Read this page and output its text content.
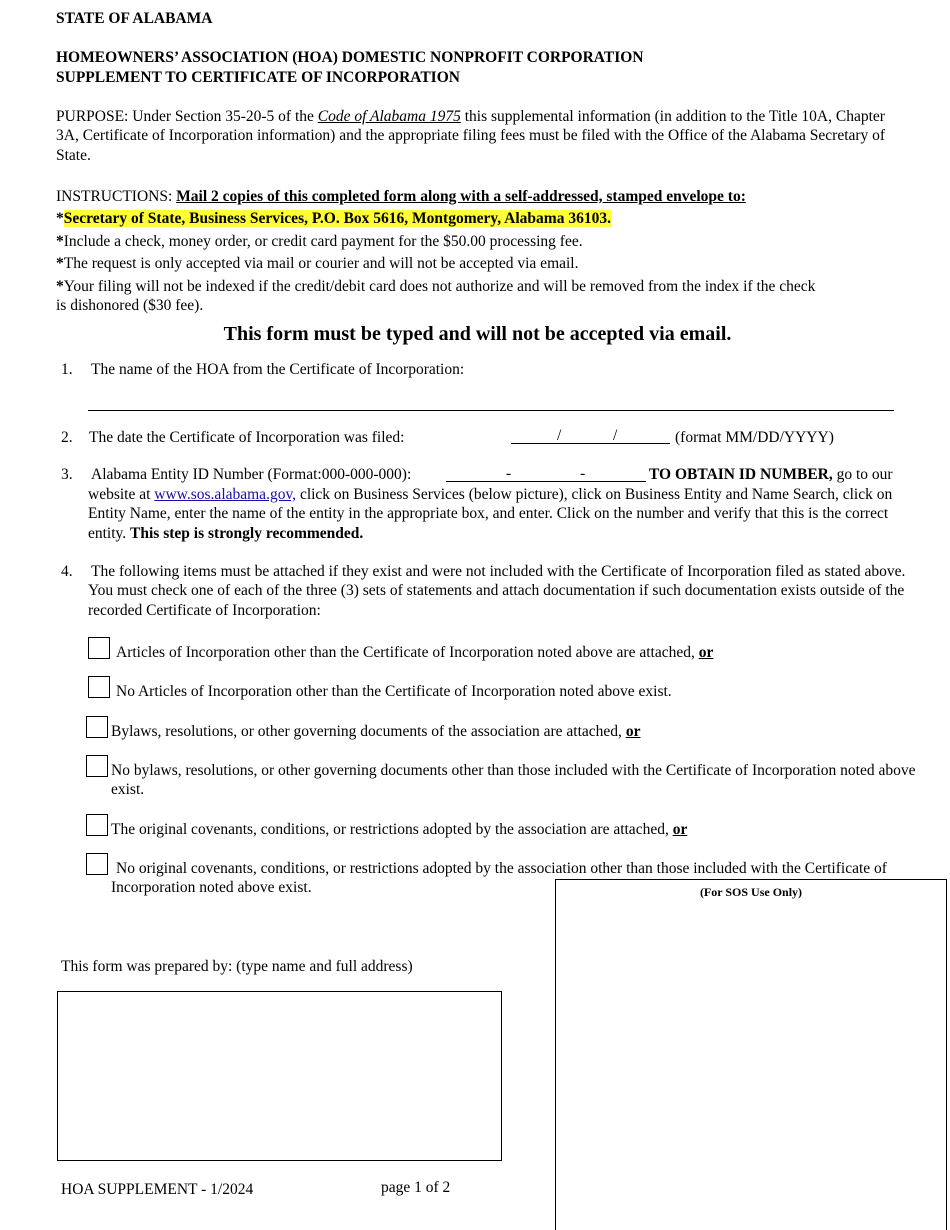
STATE OF ALABAMA
HOMEOWNERS’ ASSOCIATION (HOA) DOMESTIC NONPROFIT CORPORATION
SUPPLEMENT TO CERTIFICATE OF INCORPORATION
PURPOSE: Under Section 35-20-5 of the Code of Alabama 1975 this supplemental information (in addition to the Title 10A, Chapter 3A, Certificate of Incorporation information) and the appropriate filing fees must be filed with the Office of the Alabama Secretary of State.
INSTRUCTIONS: Mail 2 copies of this completed form along with a self-addressed, stamped envelope to:
*Secretary of State, Business Services, P.O. Box 5616, Montgomery, Alabama 36103.
*Include a check, money order, or credit card payment for the $50.00 processing fee.
*The request is only accepted via mail or courier and will not be accepted via email.
*Your filing will not be indexed if the credit/debit card does not authorize and will be removed from the index if the check is dishonored ($30 fee).
This form must be typed and will not be accepted via email.
1. The name of the HOA from the Certificate of Incorporation:
2. The date the Certificate of Incorporation was filed:	/	/	(format MM/DD/YYYY)
3. Alabama Entity ID Number (Format:000-000-000):	-	-	TO OBTAIN ID NUMBER, go to our
website at www.sos.alabama.gov, click on Business Services (below picture), click on Business Entity and Name Search, click on Entity Name, enter the name of the entity in the appropriate box, and enter. Click on the number and verify that this is the correct entity. This step is strongly recommended.
4. The following items must be attached if they exist and were not included with the Certificate of Incorporation filed as stated above. You must check one of each of the three (3) sets of statements and attach documentation if such documentation exists outside of the recorded Certificate of Incorporation:
Articles of Incorporation other than the Certificate of Incorporation noted above are attached, or
No Articles of Incorporation other than the Certificate of Incorporation noted above exist.
Bylaws, resolutions, or other governing documents of the association are attached, or
No bylaws, resolutions, or other governing documents other than those included with the Certificate of Incorporation noted above exist.
The original covenants, conditions, or restrictions adopted by the association are attached, or
No original covenants, conditions, or restrictions adopted by the association other than those included with the Certificate of Incorporation noted above exist.	(For SOS Use Only)
This form was prepared by: (type name and full address)
HOA SUPPLEMENT - 1/2024	page 1 of 2
